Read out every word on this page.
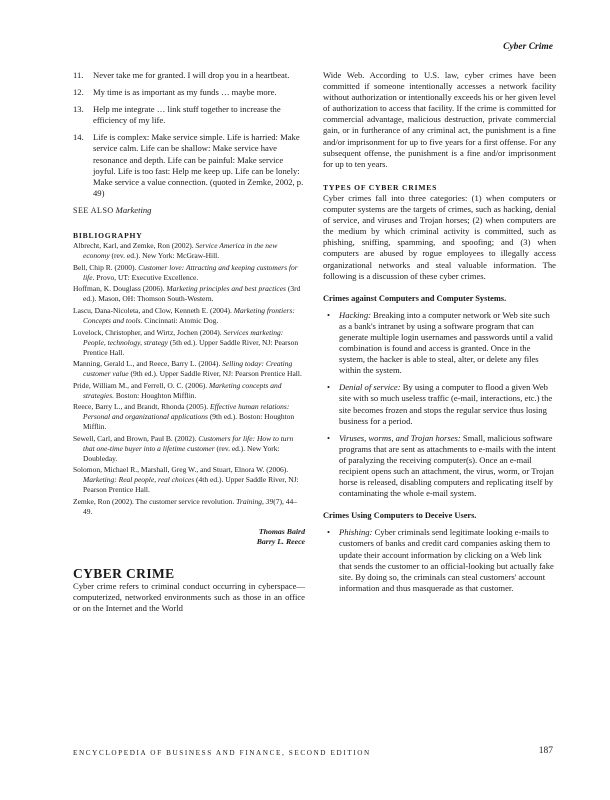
Cyber Crime
11.	Never take me for granted. I will drop you in a heartbeat.
12.	My time is as important as my funds … maybe more.
13.	Help me integrate … link stuff together to increase the efficiency of my life.
14.	Life is complex: Make service simple. Life is harried: Make service calm. Life can be shallow: Make service have resonance and depth. Life can be painful: Make service joyful. Life is too fast: Help me keep up. Life can be lonely: Make service a value connection. (quoted in Zemke, 2002, p. 49)
SEE ALSO Marketing
BIBLIOGRAPHY

Albrecht, Karl, and Zemke, Ron (2002). Service America in the new economy (rev. ed.). New York: McGraw-Hill.

Bell, Chip R. (2000). Customer love: Attracting and keeping customers for life. Provo, UT: Executive Excellence.

Hoffman, K. Douglass (2006). Marketing principles and best practices (3rd ed.). Mason, OH: Thomson South-Western.

Lascu, Dana-Nicoleta, and Clow, Kenneth E. (2004). Marketing frontiers: Concepts and tools. Cincinnati: Atomic Dog.

Lovelock, Christopher, and Wirtz, Jochen (2004). Services marketing: People, technology, strategy (5th ed.). Upper Saddle River, NJ: Pearson Prentice Hall.

Manning, Gerald L., and Reece, Barry L. (2004). Selling today: Creating customer value (9th ed.). Upper Saddle River, NJ: Pearson Prentice Hall.

Pride, William M., and Ferrell, O. C. (2006). Marketing concepts and strategies. Boston: Houghton Mifflin.

Reece, Barry L., and Brandt, Rhonda (2005). Effective human relations: Personal and organizational applications (9th ed.). Boston: Houghton Mifflin.

Sewell, Carl, and Brown, Paul B. (2002). Customers for life: How to turn that one-time buyer into a lifetime customer (rev. ed.). New York: Doubleday.

Solomon, Michael R., Marshall, Greg W., and Stuart, Elnora W. (2006). Marketing: Real people, real choices (4th ed.). Upper Saddle River, NJ: Pearson Prentice Hall.

Zemke, Ron (2002). The customer service revolution. Training, 39(7), 44–49.

Thomas Baird
Barry L. Reece
CYBER CRIME

Cyber crime refers to criminal conduct occurring in cyberspace—computerized, networked environments such as those in an office or on the Internet and the World

Wide Web. According to U.S. law, cyber crimes have been committed if someone intentionally accesses a network facility without authorization or intentionally exceeds his or her given level of authorization to access that facility. If the crime is committed for commercial advantage, malicious destruction, private commercial gain, or in furtherance of any criminal act, the punishment is a fine and/or imprisonment for up to five years for a first offense. For any subsequent offense, the punishment is a fine and/or imprisonment for up to ten years.

TYPES OF CYBER CRIMES

Cyber crimes fall into three categories: (1) when computers or computer systems are the targets of crimes, such as hacking, denial of service, and viruses and Trojan horses; (2) when computers are the medium by which criminal activity is committed, such as phishing, sniffing, spamming, and spoofing; and (3) when computers are abused by rogue employees to illegally access organizational networks and steal valuable information. The following is a discussion of these cyber crimes.

Crimes against Computers and Computer Systems.
•	Hacking: Breaking into a computer network or Web site such as a bank's intranet by using a software program that can generate multiple login usernames and passwords until a valid combination is found and access is granted. Once in the system, the hacker is able to steal, alter, or delete any files within the system.
•	Denial of service: By using a computer to flood a given Web site with so much useless traffic (e-mail, interactions, etc.) the site becomes frozen and stops the regular service thus losing business for a period.
•	Viruses, worms, and Trojan horses: Small, malicious software programs that are sent as attachments to e-mails with the intent of paralyzing the receiving computer(s). Once an e-mail recipient opens such an attachment, the virus, worm, or Trojan horse is released, disabling computers and replicating itself by contaminating the whole e-mail system.
Crimes Using Computers to Deceive Users.
•	Phishing: Cyber criminals send legitimate looking e-mails to customers of banks and credit card companies asking them to update their account information by clicking on a Web link that sends the customer to an official-looking but actually fake site. By doing so, the criminals can steal customers' account information and thus masquerade as that customer.
ENCYCLOPEDIA OF BUSINESS AND FINANCE, SECOND EDITION	187
